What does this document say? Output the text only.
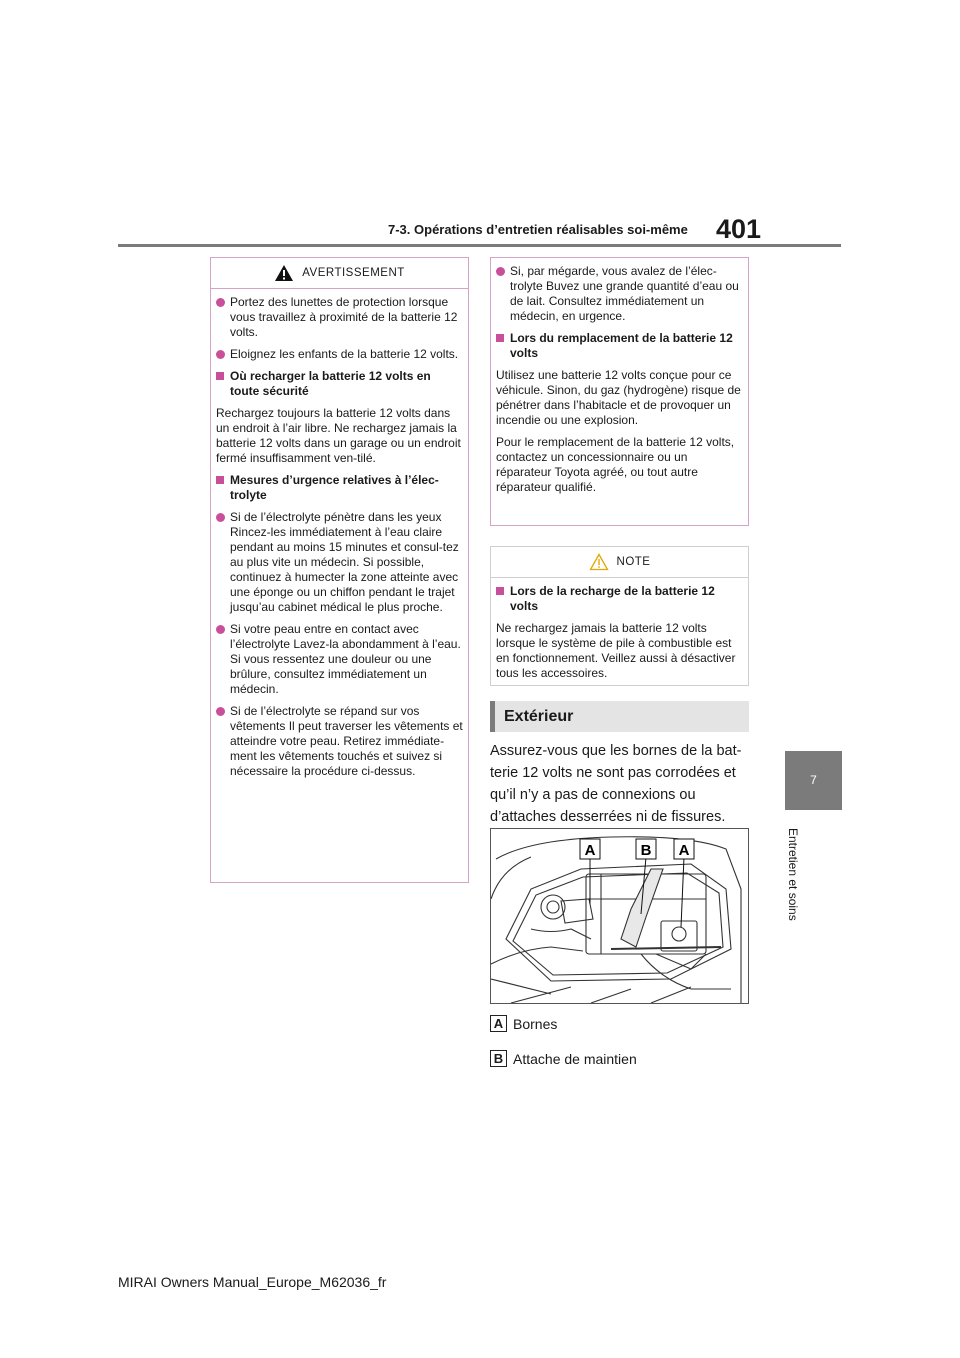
7-3. Opérations d’entretien réalisables soi-même 401
7
Entretien et soins
AVERTISSEMENT

Portez des lunettes de protection lorsque vous travaillez à proximité de la batterie 12 volts.

Eloignez les enfants de la batterie 12 volts.

Où recharger la batterie 12 volts en toute sécurité

Rechargez toujours la batterie 12 volts dans un endroit à l’air libre. Ne rechargez jamais la batterie 12 volts dans un garage ou un endroit fermé insuffisamment ven-tilé.

Mesures d’urgence relatives à l’élec-trolyte

Si de l’électrolyte pénètre dans les yeux Rincez-les immédiatement à l’eau claire pendant au moins 15 minutes et consul-tez au plus vite un médecin. Si possible, continuez à humecter la zone atteinte avec une éponge ou un chiffon pendant le trajet jusqu’au cabinet médical le plus proche.

Si votre peau entre en contact avec l’électrolyte Lavez-la abondamment à l’eau. Si vous ressentez une douleur ou une brûlure, consultez immédiatement un médecin.

Si de l’électrolyte se répand sur vos vêtements Il peut traverser les vêtements et atteindre votre peau. Retirez immédiate-ment les vêtements touchés et suivez si nécessaire la procédure ci-dessus.

Si, par mégarde, vous avalez de l’élec-trolyte Buvez une grande quantité d’eau ou de lait. Consultez immédiatement un médecin, en urgence.

Lors du remplacement de la batterie 12 volts

Utilisez une batterie 12 volts conçue pour ce véhicule. Sinon, du gaz (hydrogène) risque de pénétrer dans l’habitacle et de provoquer un incendie ou une explosion.

Pour le remplacement de la batterie 12 volts, contactez un concessionnaire ou un réparateur Toyota agréé, ou tout autre réparateur qualifié.

NOTE

Lors de la recharge de la batterie 12 volts

Ne rechargez jamais la batterie 12 volts lorsque le système de pile à combustible est en fonctionnement. Veillez aussi à désactiver tous les accessoires.

Extérieur
Assurez-vous que les bornes de la bat-terie 12 volts ne sont pas corrodées et qu’il n’y a pas de connexions ou d’attaches desserrées ni de fissures.
A	B A
A Bornes
B Attache de maintien
MIRAI Owners Manual_Europe_M62036_fr
